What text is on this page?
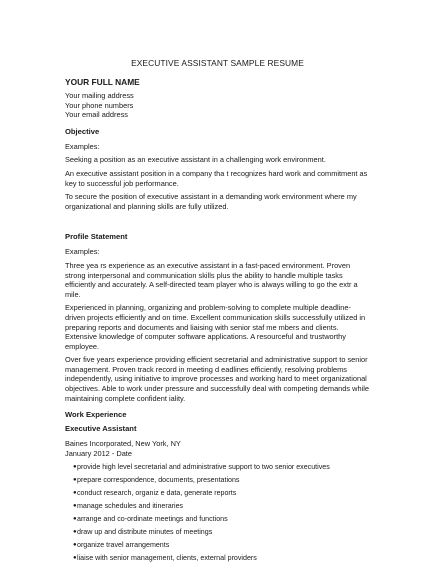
EXECUTIVE ASSISTANT SAMPLE RESUME
YOUR FULL NAME
Your mailing address
Your phone numbers
Your email address
Objective
Examples:
Seeking a position as an executive assistant in a challenging work environment.
An executive assistant position in a company tha t recognizes hard work and commitment as key to successful job performance.
To secure the position of executive assistant in a demanding work environment where my organizational and planning skills are fully utilized.
Profile Statement
Examples:
Three yea rs experience as an executive assistant in a fast-paced environment. Proven strong interpersonal and communication skills plus the ability to handle multiple tasks efficiently and accurately. A self-directed team player who is always willing to go the extr a mile.
Experienced in planning, organizing and problem-solving to complete multiple deadline-driven projects efficiently and on time. Excellent communication skills successfully utilized in preparing reports and documents and liaising with senior staf me mbers and clients. Extensive knowledge of computer software applications. A resourceful and trustworthy employee.
Over five years experience providing efficient secretarial and administrative support to senior management. Proven track record in meeting d eadlines efficiently, resolving problems independently, using initiative to improve processes and working hard to meet organizational objectives. Able to work under pressure and successfully deal with competing demands while maintaining complete confident iality.
Work Experience
Executive Assistant
Baines Incorporated, New York, NY
January 2012 - Date
● provide high level secretarial and administrative support to two senior executives
● prepare correspondence, documents, presentations
● conduct research, organiz e data, generate reports
● manage schedules and itineraries
● arrange and co-ordinate meetings and functions
● draw up and distribute minutes of meetings
● organize travel arrangements
● liaise with senior management, clients, external providers
